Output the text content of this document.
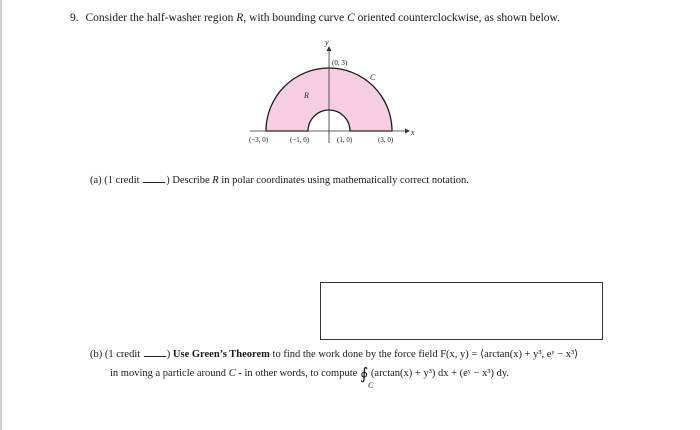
9. Consider the half-washer region R, with bounding curve C oriented counterclockwise, as shown below.
y
x
(0, 3)
C
R
(−3, 0)	(−1, 0)	(1, 0)	(3, 0)
(a) (1 credit	) Describe R in polar coordinates using mathematically correct notation.
(b) (1 credit	) Use Green’s Theorem to find the work done by the force field F(x, y) = ⟨arctan(x) + y³, eʸ − x³⟩
in moving a particle around C - in other words, to compute ∮
C
(arctan(x) + y³) dx + (eʸ − x³) dy.
